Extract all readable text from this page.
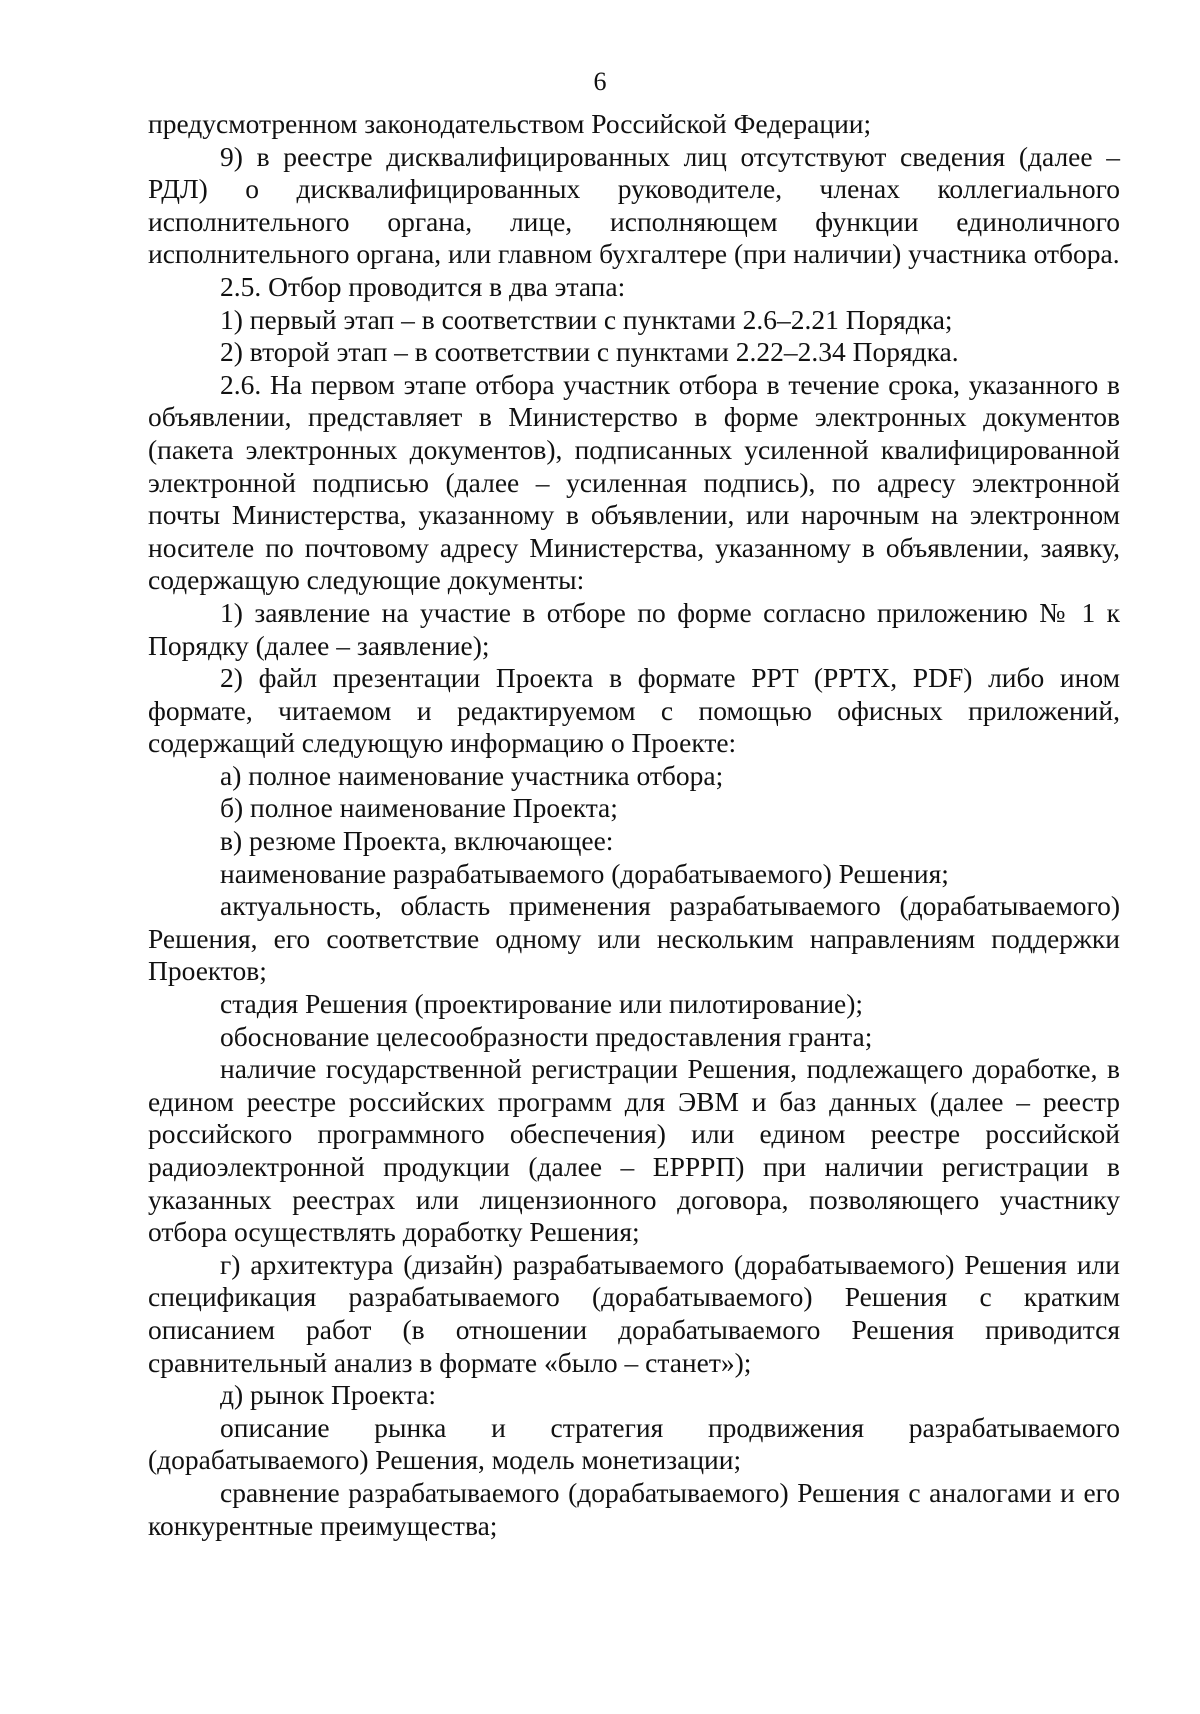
6

предусмотренном законодательством Российской Федерации;

9) в реестре дисквалифицированных лиц отсутствуют сведения (далее – РДЛ) о дисквалифицированных руководителе, членах коллегиального исполнительного органа, лице, исполняющем функции единоличного исполнительного органа, или главном бухгалтере (при наличии) участника отбора.

2.5. Отбор проводится в два этапа:

1) первый этап – в соответствии с пунктами 2.6–2.21 Порядка;

2) второй этап – в соответствии с пунктами 2.22–2.34 Порядка.

2.6. На первом этапе отбора участник отбора в течение срока, указанного в объявлении, представляет в Министерство в форме электронных документов (пакета электронных документов), подписанных усиленной квалифицированной электронной подписью (далее – усиленная подпись), по адресу электронной почты Министерства, указанному в объявлении, или нарочным на электронном носителе по почтовому адресу Министерства, указанному в объявлении, заявку, содержащую следующие документы:

1) заявление на участие в отборе по форме согласно приложению № 1 к Порядку (далее – заявление);

2) файл презентации Проекта в формате PPT (PPTX, PDF) либо ином формате, читаемом и редактируемом с помощью офисных приложений, содержащий следующую информацию о Проекте:

а) полное наименование участника отбора;

б) полное наименование Проекта;

в) резюме Проекта, включающее:

наименование разрабатываемого (дорабатываемого) Решения;

актуальность, область применения разрабатываемого (дорабатываемого) Решения, его соответствие одному или нескольким направлениям поддержки Проектов;

стадия Решения (проектирование или пилотирование);

обоснование целесообразности предоставления гранта;

наличие государственной регистрации Решения, подлежащего доработке, в едином реестре российских программ для ЭВМ и баз данных (далее – реестр российского программного обеспечения) или едином реестре российской радиоэлектронной продукции (далее – ЕРРРП) при наличии регистрации в указанных реестрах или лицензионного договора, позволяющего участнику отбора осуществлять доработку Решения;

г) архитектура (дизайн) разрабатываемого (дорабатываемого) Решения или спецификация разрабатываемого (дорабатываемого) Решения с кратким описанием работ (в отношении дорабатываемого Решения приводится сравнительный анализ в формате «было – станет»);

д) рынок Проекта:

описание рынка и стратегия продвижения разрабатываемого (дорабатываемого) Решения, модель монетизации;

сравнение разрабатываемого (дорабатываемого) Решения с аналогами и его конкурентные преимущества;
